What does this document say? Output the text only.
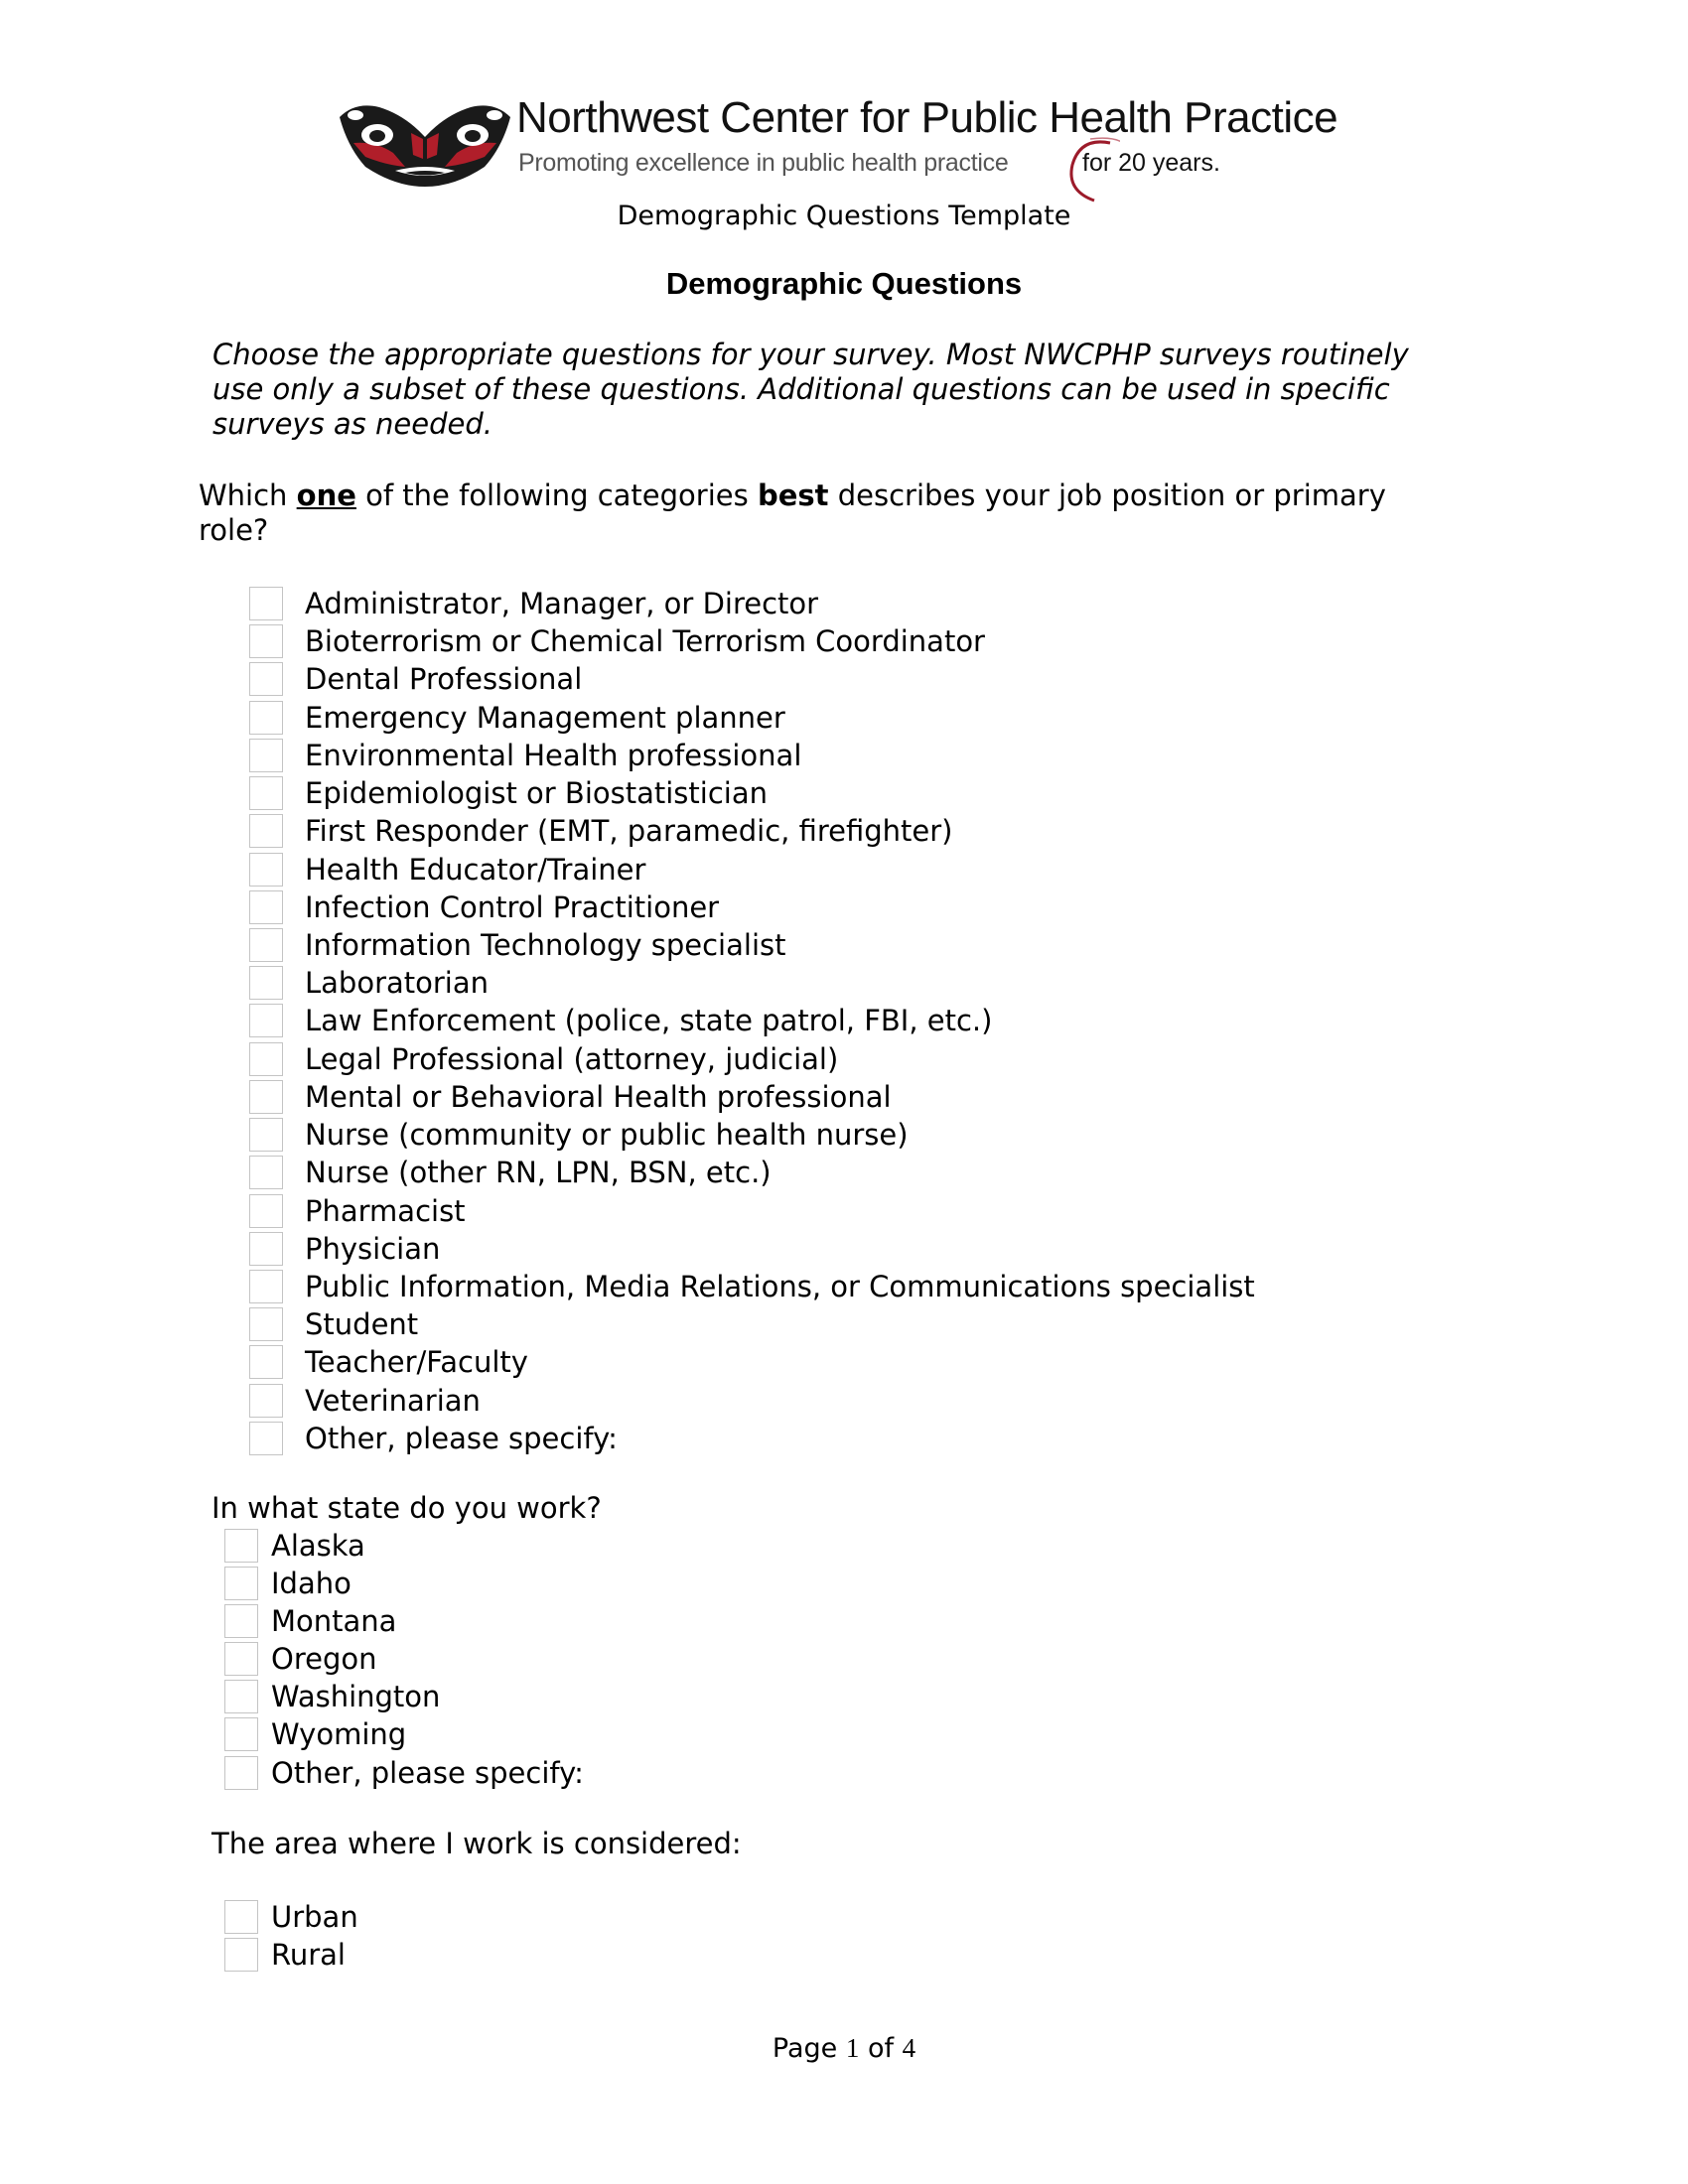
Northwest Center for Public Health Practice
Promoting excellence in public health practice	for 20 years.
Demographic Questions Template
Demographic Questions
Choose the appropriate questions for your survey. Most NWCPHP surveys routinely
use only a subset of these questions. Additional questions can be used in specific
surveys as needed.
Which one of the following categories best describes your job position or primary
role?
Administrator, Manager, or Director
Bioterrorism or Chemical Terrorism Coordinator
Dental Professional
Emergency Management planner
Environmental Health professional
Epidemiologist or Biostatistician
First Responder (EMT, paramedic, firefighter)
Health Educator/Trainer
Infection Control Practitioner
Information Technology specialist
Laboratorian
Law Enforcement (police, state patrol, FBI, etc.)
Legal Professional (attorney, judicial)
Mental or Behavioral Health professional
Nurse (community or public health nurse)
Nurse (other RN, LPN, BSN, etc.)
Pharmacist
Physician
Public Information, Media Relations, or Communications specialist
Student
Teacher/Faculty
Veterinarian
Other, please specify:
In what state do you work?
Alaska
Idaho
Montana
Oregon
Washington
Wyoming
Other, please specify:
The area where I work is considered:
Urban
Rural
Page 1 of 4
